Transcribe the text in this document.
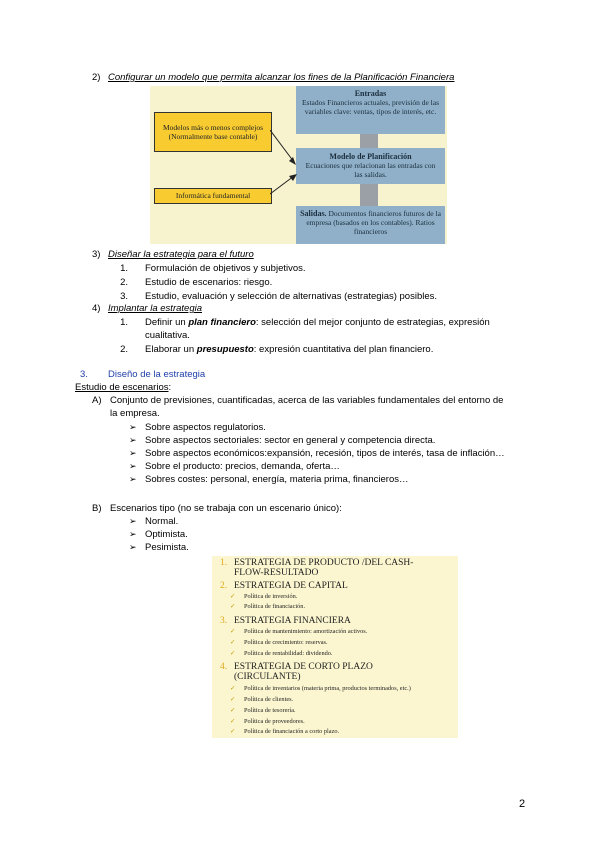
2) Configurar un modelo que permita alcanzar los fines de la Planificación Financiera
Entradas
Estados Financieros actuales, previsión de las variables clave: ventas, tipos de interés, etc.
Modelos más o menos complejos (Normalmente base contable)
Modelo de Planificación
Ecuaciones que relacionan las entradas con las salidas.
Informática fundamental
Salidas. Documentos financieros futuros de la empresa (basados en los contables). Ratios financieros
3) Diseñar la estrategia para el futuro
1. Formulación de objetivos y subjetivos.
2. Estudio de escenarios: riesgo.
3. Estudio, evaluación y selección de alternativas (estrategias) posibles.
4) Implantar la estrategia
1. Definir un plan financiero: selección del mejor conjunto de estrategias, expresión
cualitativa.
2. Elaborar un presupuesto: expresión cuantitativa del plan financiero.
3. Diseño de la estrategia
Estudio de escenarios:
A) Conjunto de previsiones, cuantificadas, acerca de las variables fundamentales del entorno de
la empresa.
➢ Sobre aspectos regulatorios.
➢ Sobre aspectos sectoriales: sector en general y competencia directa.
➢ Sobre aspectos económicos:expansión, recesión, tipos de interés, tasa de inflación…
➢ Sobre el producto: precios, demanda, oferta…
➢ Sobres costes: personal, energía, materia prima, financieros…
B) Escenarios tipo (no se trabaja con un escenario único):
➢ Normal.
➢ Optimista.
➢ Pesimista.
1. ESTRATEGIA DE PRODUCTO /DEL CASH-
FLOW-RESULTADO
2. ESTRATEGIA DE CAPITAL
✓ Política de inversión.
✓ Política de financiación.
3. ESTRATEGIA FINANCIERA
✓ Política de mantenimiento: amortización activos.
✓ Política de crecimiento: reservas.
✓ Política de rentabilidad: dividendo.
4. ESTRATEGIA DE CORTO PLAZO
(CIRCULANTE)
✓ Política de inventarios (materia prima, productos terminados, etc.)
✓ Política de clientes.
✓ Política de tesorería.
✓ Política de proveedores.
✓ Política de financiación a corto plazo.
2
